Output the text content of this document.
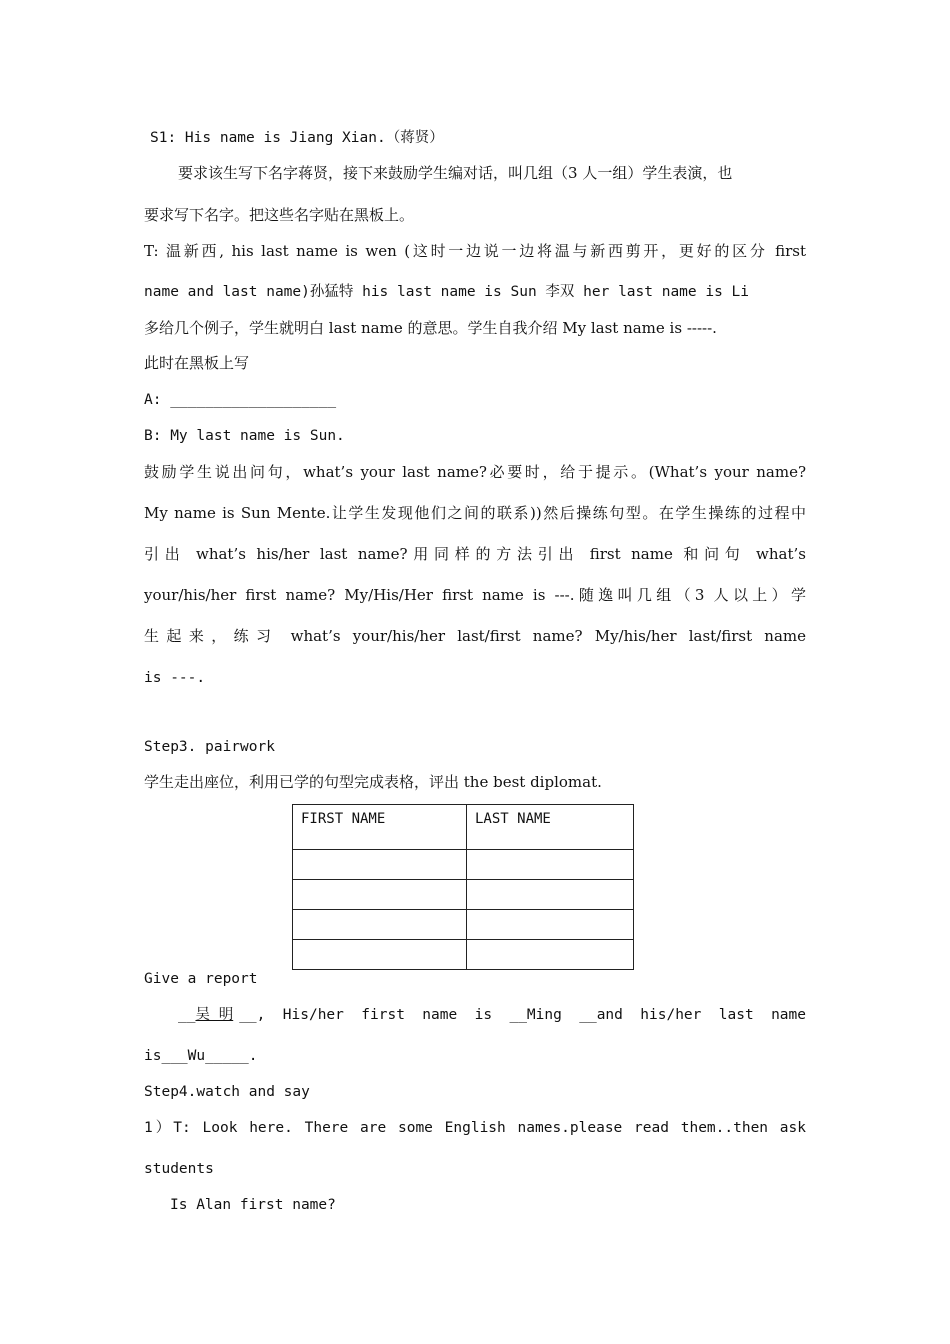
S1: His name is Jiang Xian.（蒋贤）
要求该生写下名字蒋贤，接下来鼓励学生编对话，叫几组（3 人一组）学生表演，也
要求写下名字。把这些名字贴在黑板上。
T: 温新西, his last name is wen (这时一边说一边将温与新西剪开，更好的区分 first
name and last name)孙猛特 his last name is Sun 李双 her last name is Li
多给几个例子，学生就明白 last name 的意思。学生自我介绍 My last name is -----.
此时在黑板上写
A: ___________________
B: My last name is Sun.
鼓励学生说出问句，what’s your last name?必要时，给于提示。(What’s your name?
My name is Sun Mente.让学生发现他们之间的联系))然后操练句型。在学生操练的过程中
引出 what’s his/her last name?用同样的方法引出 first name 和问句 what’s
your/his/her first name? My/His/Her first name is ---.随逸叫几组（3 人以上）学
生起来，练习 what’s your/his/her last/first name? My/his/her last/first name
is ---.
Step3. pairwork
学生走出座位，利用已学的句型完成表格，评出 the best diplomat.
FIRST NAME	LAST NAME

Give a report
__吴 明 __, His/her first name is __Ming __and his/her last name
is___Wu_____.
Step4.watch and say
1）T: Look here. There are some English names.please read them..then ask
students
Is Alan first name?
